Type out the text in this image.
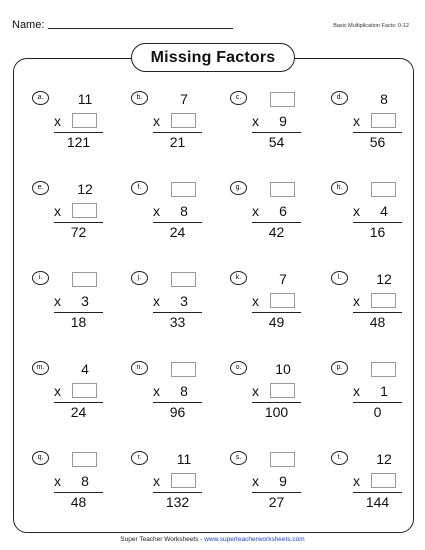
Name:	Basic Multiplication Facts: 0-12
Missing Factors
a.	11
x
121
b.	7
x
21
c.
x	9
54
d.	8
x
56
e.	12
x
72
f.
x	8
24
g.
x	6
42
h.
x	4
16
i.
x	3
18
j.
x	3
33
k.	7
x
49
l.	12
x
48
m.	4
x
24
n.
x	8
96
o.	10
x
100
p.
x	1
0
q.
x	8
48
r.	11
x
132
s.
x	9
27
t.	12
x
144
Super Teacher Worksheets - www.superteacherworksheets.com
